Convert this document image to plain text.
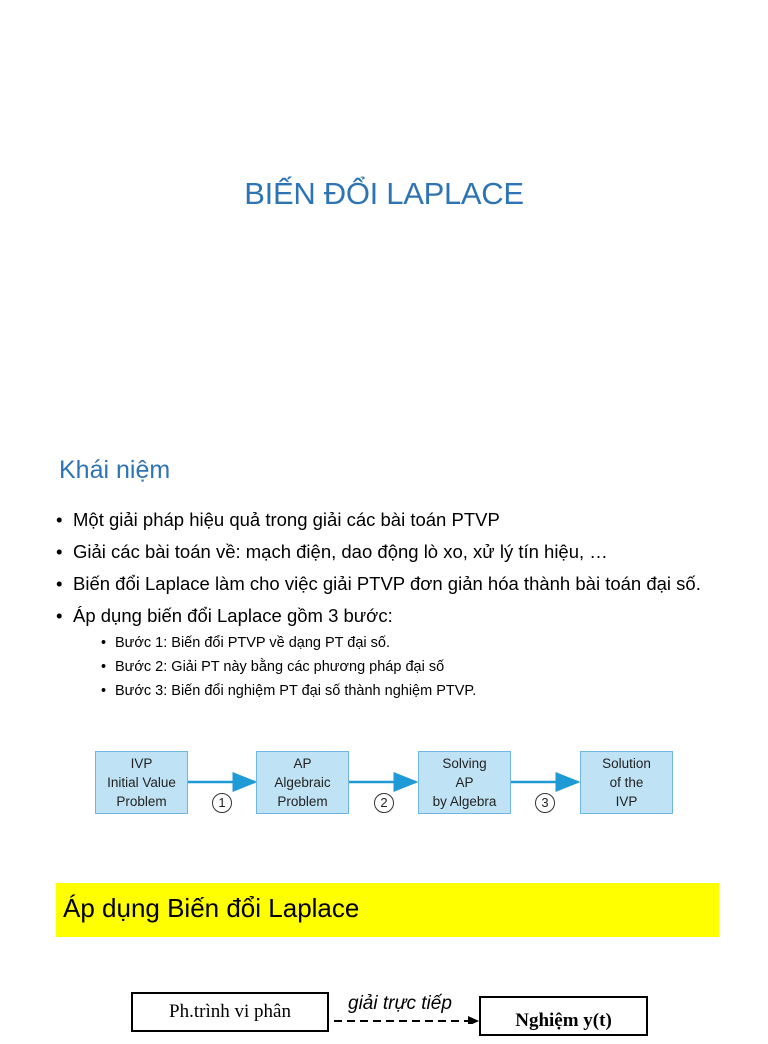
BIẾN ĐỔI LAPLACE
Khái niệm
• Một giải pháp hiệu quả trong giải các bài toán PTVP
• Giải các bài toán về: mạch điện, dao động lò xo, xử lý tín hiệu, …
• Biến đổi Laplace làm cho việc giải PTVP đơn giản hóa thành bài toán đại số.
• Áp dụng biến đổi Laplace gồm 3 bước:
• Bước 1: Biến đổi PTVP về dạng PT đại số.
• Bước 2: Giải PT này bằng các phương pháp đại số
• Bước 3: Biến đổi nghiệm PT đại số thành nghiệm PTVP.
IVP
Initial Value
Problem
AP
Algebraic
Problem
Solving
AP
by Algebra
Solution
of the
IVP
1	2	3
Áp dụng Biến đổi Laplace
Ph.trình vi phân	giải trực tiếp
Nghiệm y(t)
